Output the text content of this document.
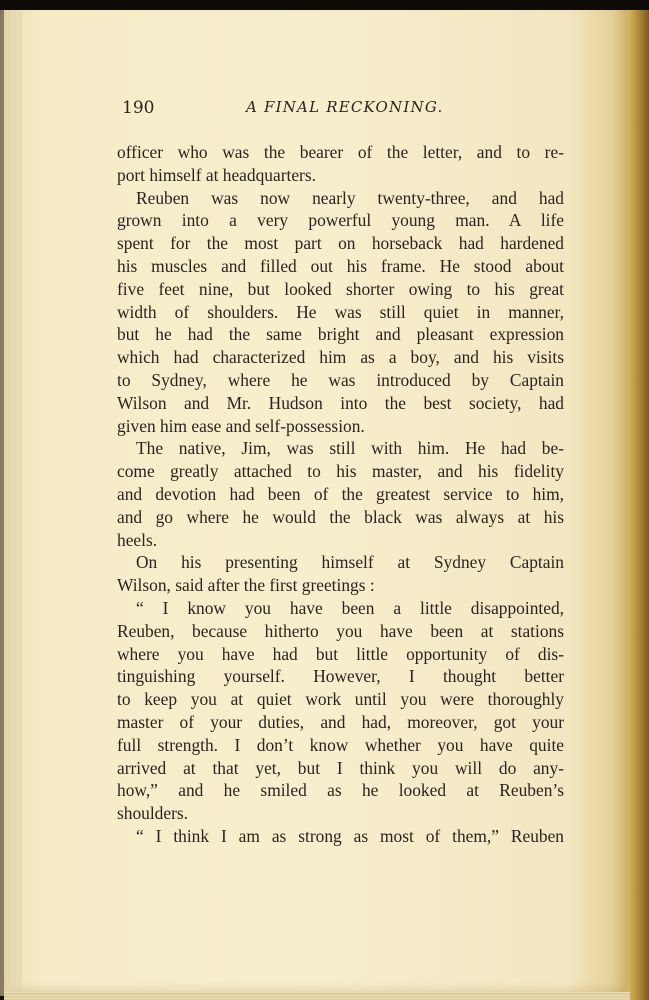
190	A FINAL RECKONING.
officer who was the bearer of the letter, and to re-
port himself at headquarters.
Reuben was now nearly twenty-three, and had
grown into a very powerful young man. A life
spent for the most part on horseback had hardened
his muscles and filled out his frame. He stood about
five feet nine, but looked shorter owing to his great
width of shoulders. He was still quiet in manner,
but he had the same bright and pleasant expression
which had characterized him as a boy, and his visits
to Sydney, where he was introduced by Captain
Wilson and Mr. Hudson into the best society, had
given him ease and self-possession.
The native, Jim, was still with him. He had be-
come greatly attached to his master, and his fidelity
and devotion had been of the greatest service to him,
and go where he would the black was always at his
heels.
On his presenting himself at Sydney Captain
Wilson, said after the first greetings :
“ I know you have been a little disappointed,
Reuben, because hitherto you have been at stations
where you have had but little opportunity of dis-
tinguishing yourself. However, I thought better
to keep you at quiet work until you were thoroughly
master of your duties, and had, moreover, got your
full strength. I don’t know whether you have quite
arrived at that yet, but I think you will do any-
how,” and he smiled as he looked at Reuben’s
shoulders.
“ I think I am as strong as most of them,” Reuben
